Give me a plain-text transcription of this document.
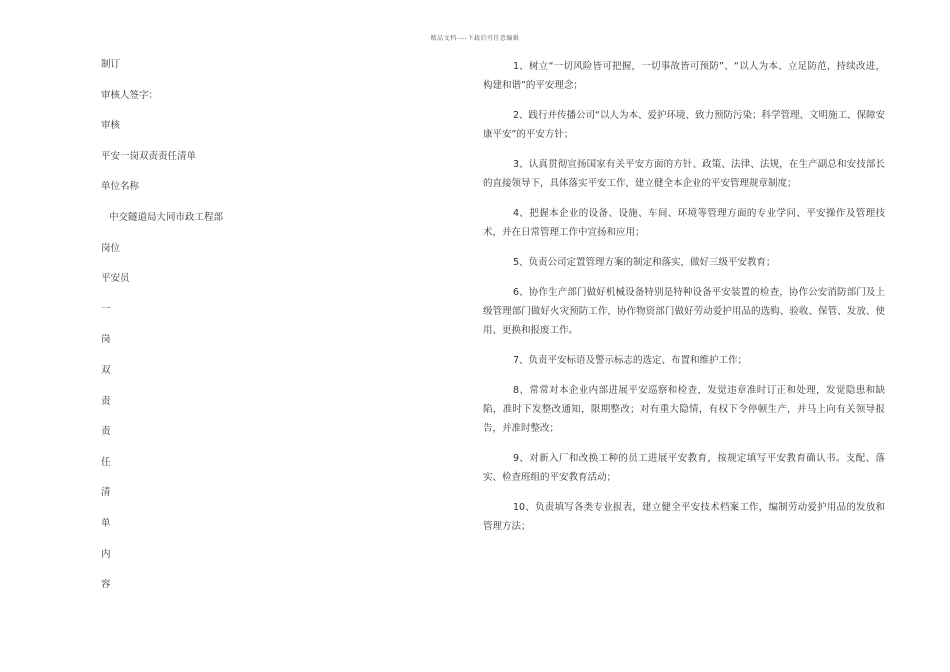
精品文档----下载后可任意编辑
制订
审核人签字：
审核
平安一岗双责责任清单
单位名称
中交隧道局大同市政工程部
岗位
平安员
一
岗
双
责
责
任
清
单
内
容

1、树立“一切风险皆可把握，一切事故皆可预防”、“以人为本、立足防范，持续改进，构建和谐”的平安理念；

2、践行并传播公司“以人为本、爱护环境、致力预防污染；科学管理、文明施工、保障安康平安”的平安方针；

3、认真贯彻宣扬国家有关平安方面的方针、政策、法律、法规，在生产副总和安技部长的直接领导下，具体落实平安工作，建立健全本企业的平安管理规章制度；

4、把握本企业的设备、设施、车间、环境等管理方面的专业学问、平安操作及管理技术，并在日常管理工作中宣扬和应用；

5、负责公司定置管理方案的制定和落实，做好三级平安教育；

6、协作生产部门做好机械设备特别是特种设备平安装置的检查，协作公安消防部门及上级管理部门做好火灾预防工作，协作物资部门做好劳动爱护用品的选购、验收、保管、发放、使用、更换和报废工作。

7、负责平安标语及警示标志的选定、布置和维护工作；

8、常常对本企业内部进展平安巡察和检查，发觉违章准时订正和处理，发觉隐患和缺陷，准时下发整改通知，限期整改；对有重大隐情，有权下令停顿生产，并马上向有关领导报告，并准时整改；

9、对新入厂和改换工种的员工进展平安教育，按规定填写平安教育确认书。支配、落实、检查班组的平安教育活动；

10、负责填写各类专业报表，建立健全平安技术档案工作，编制劳动爱护用品的发放和管理方法；
